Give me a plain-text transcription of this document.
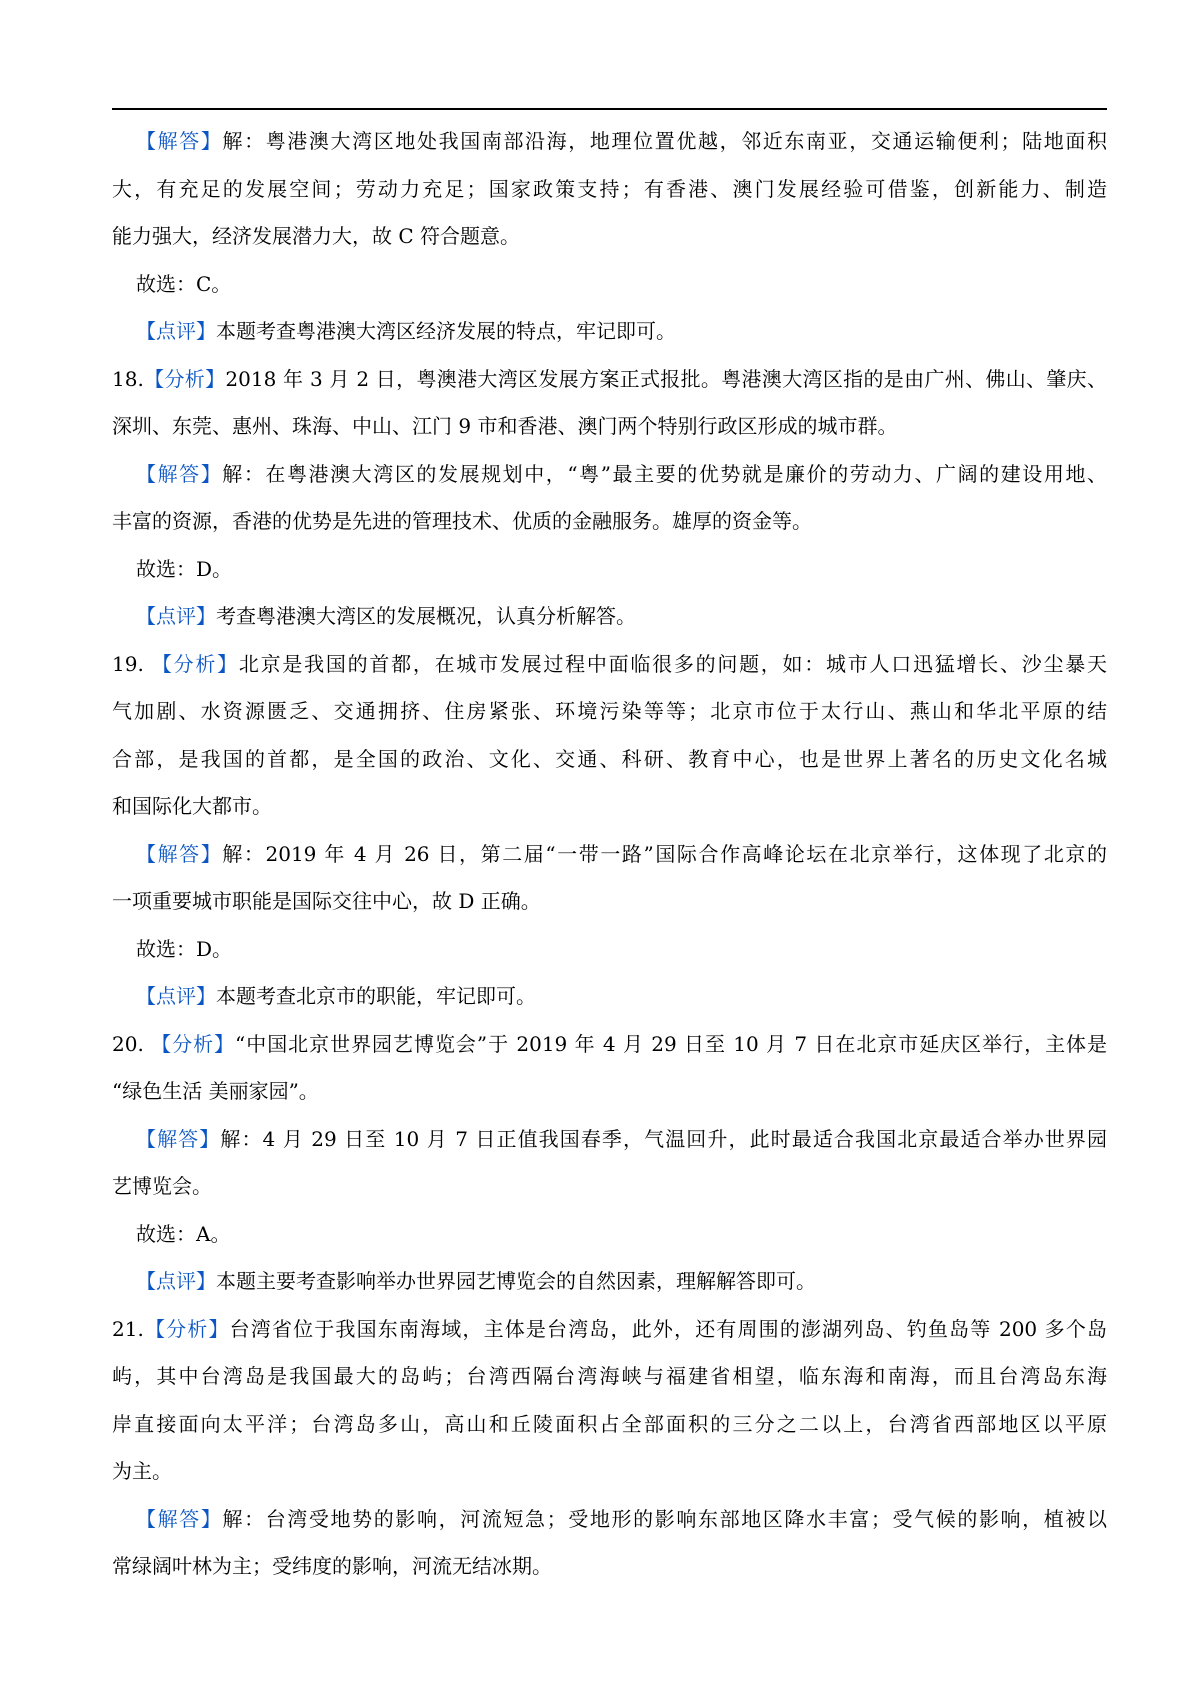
【解答】解：粤港澳大湾区地处我国南部沿海，地理位置优越，邻近东南亚，交通运输便利；陆地面积
大，有充足的发展空间；劳动力充足；国家政策支持；有香港、澳门发展经验可借鉴，创新能力、制造
能力强大，经济发展潜力大，故 C 符合题意。
故选：C。
【点评】本题考查粤港澳大湾区经济发展的特点，牢记即可。
18.【分析】2018 年 3 月 2 日，粤澳港大湾区发展方案正式报批。粤港澳大湾区指的是由广州、佛山、肇庆、
深圳、东莞、惠州、珠海、中山、江门 9 市和香港、澳门两个特别行政区形成的城市群。
【解答】解：在粤港澳大湾区的发展规划中，“粤”最主要的优势就是廉价的劳动力、广阔的建设用地、
丰富的资源，香港的优势是先进的管理技术、优质的金融服务。雄厚的资金等。
故选：D。
【点评】考查粤港澳大湾区的发展概况，认真分析解答。
19. 【分析】北京是我国的首都，在城市发展过程中面临很多的问题，如：城市人口迅猛增长、沙尘暴天
气加剧、水资源匮乏、交通拥挤、住房紧张、环境污染等等；北京市位于太行山、燕山和华北平原的结
合部，是我国的首都，是全国的政治、文化、交通、科研、教育中心，也是世界上著名的历史文化名城
和国际化大都市。
【解答】解：2019 年 4 月 26 日，第二届“一带一路”国际合作高峰论坛在北京举行，这体现了北京的
一项重要城市职能是国际交往中心，故 D 正确。
故选：D。
【点评】本题考查北京市的职能，牢记即可。
20. 【分析】“中国北京世界园艺博览会”于 2019 年 4 月 29 日至 10 月 7 日在北京市延庆区举行，主体是
“绿色生活 美丽家园”。
【解答】解：4 月 29 日至 10 月 7 日正值我国春季，气温回升，此时最适合我国北京最适合举办世界园
艺博览会。
故选：A。
【点评】本题主要考查影响举办世界园艺博览会的自然因素，理解解答即可。
21.【分析】台湾省位于我国东南海域，主体是台湾岛，此外，还有周围的澎湖列岛、钓鱼岛等 200 多个岛
屿，其中台湾岛是我国最大的岛屿；台湾西隔台湾海峡与福建省相望，临东海和南海，而且台湾岛东海
岸直接面向太平洋；台湾岛多山，高山和丘陵面积占全部面积的三分之二以上，台湾省西部地区以平原
为主。
【解答】解：台湾受地势的影响，河流短急；受地形的影响东部地区降水丰富；受气候的影响，植被以
常绿阔叶林为主；受纬度的影响，河流无结冰期。
